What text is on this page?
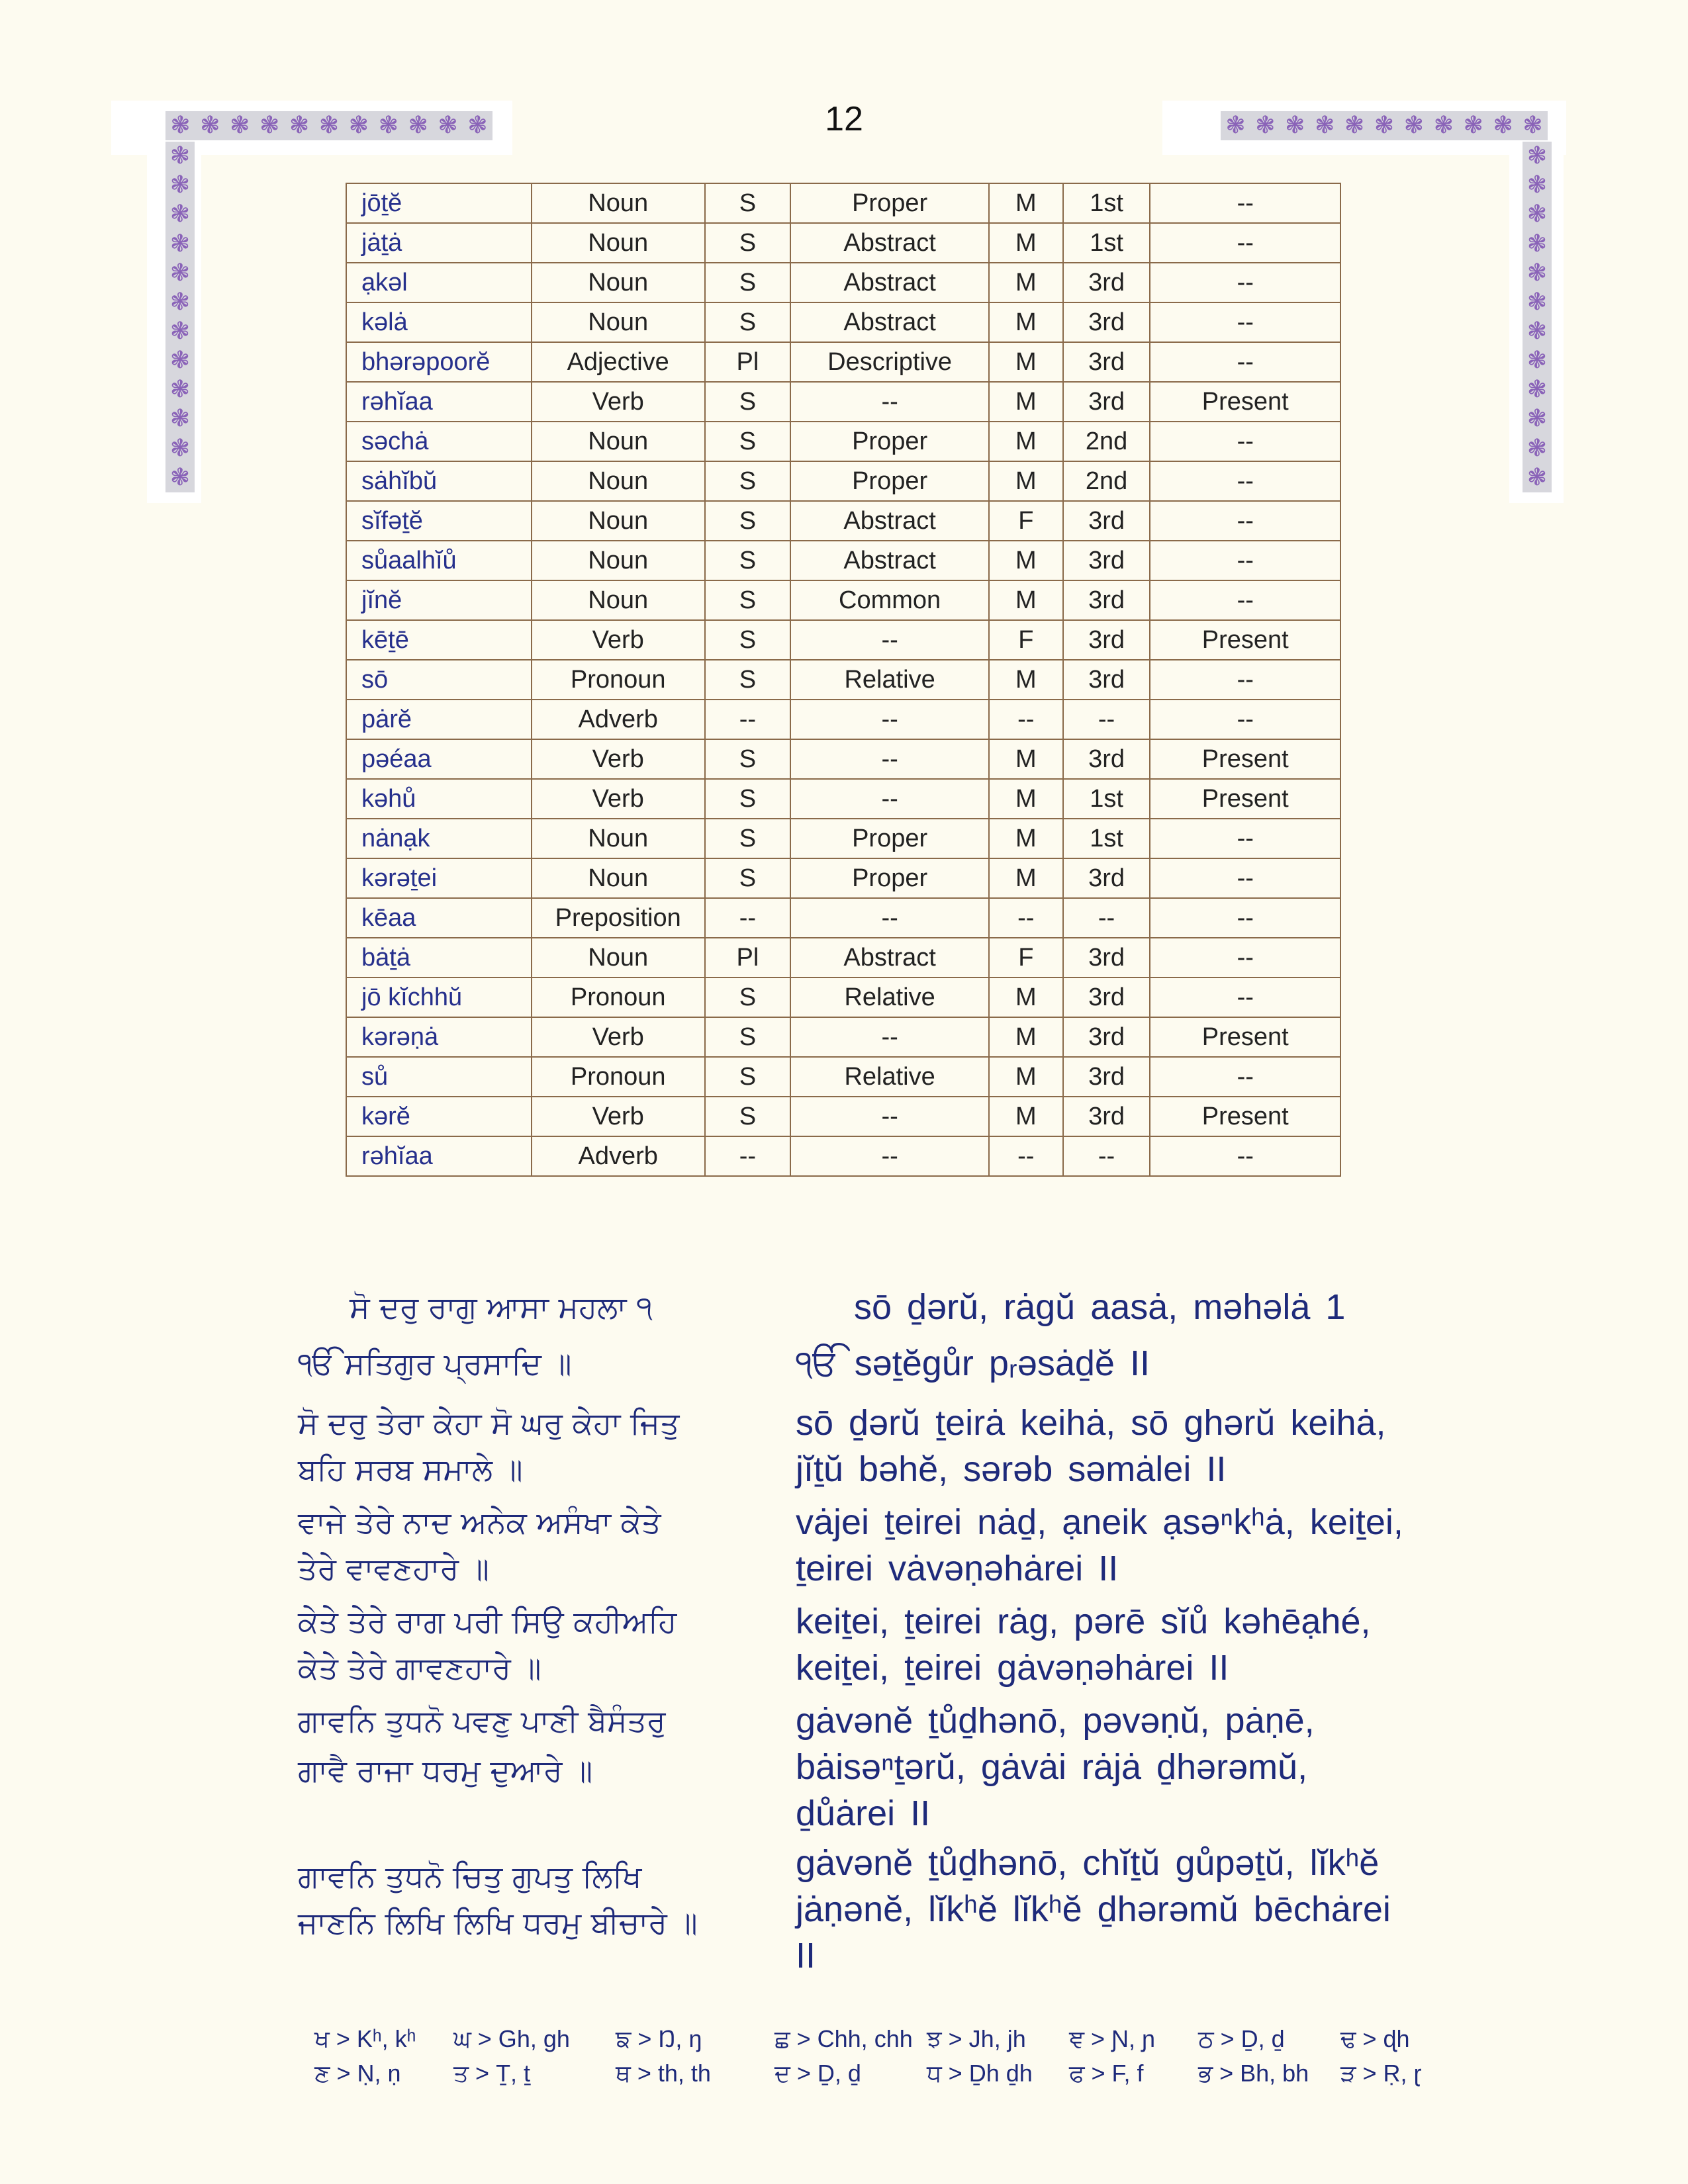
❃ ❃ ❃ ❃ ❃ ❃ ❃ ❃ ❃ ❃ ❃
❃
❃
❃
❃
❃
❃
❃
❃
❃
❃
❃
❃
❃ ❃ ❃ ❃ ❃ ❃ ❃ ❃ ❃ ❃ ❃
❃
❃
❃
❃
❃
❃
❃
❃
❃
❃
❃
❃
12
jōṯĕ	Noun	S	Proper	M	1st	--
jȧṯȧ	Noun	S	Abstract	M	1st	--
ạkəl	Noun	S	Abstract	M	3rd	--
kəlȧ	Noun	S	Abstract	M	3rd	--
bhərəpoorĕ	Adjective	Pl	Descriptive	M	3rd	--
rəhĭaa	Verb	S	--	M	3rd	Present
səchȧ	Noun	S	Proper	M	2nd	--
sȧhĭbŭ	Noun	S	Proper	M	2nd	--
sĭfəṯĕ	Noun	S	Abstract	F	3rd	--
sůaalhĭů	Noun	S	Abstract	M	3rd	--
jĭnĕ	Noun	S	Common	M	3rd	--
kēṯē	Verb	S	--	F	3rd	Present
sō	Pronoun	S	Relative	M	3rd	--
pȧrĕ	Adverb	--	--	--	--	--
pəéaa	Verb	S	--	M	3rd	Present
kəhů	Verb	S	--	M	1st	Present
nȧnạk	Noun	S	Proper	M	1st	--
kərəṯei	Noun	S	Proper	M	3rd	--
kēaa	Preposition	--	--	--	--	--
bȧṯȧ	Noun	Pl	Abstract	F	3rd	--
jō kĭchhŭ	Pronoun	S	Relative	M	3rd	--
kərəṇȧ	Verb	S	--	M	3rd	Present
sů	Pronoun	S	Relative	M	3rd	--
kərĕ	Verb	S	--	M	3rd	Present
rəhĭaa	Adverb	--	--	--	--	--
ਸੋ ਦਰੁ ਰਾਗੁ ਆਸਾ ਮਹਲਾ ੧
ੴ ਸਤਿਗੁਰ ਪ੍ਰਸਾਦਿ ॥
ਸੋ ਦਰੁ ਤੇਰਾ ਕੇਹਾ ਸੋ ਘਰੁ ਕੇਹਾ ਜਿਤੁ
ਬਹਿ ਸਰਬ ਸਮਾਲੇ ॥
ਵਾਜੇ ਤੇਰੇ ਨਾਦ ਅਨੇਕ ਅਸੰਖਾ ਕੇਤੇ
ਤੇਰੇ ਵਾਵਣਹਾਰੇ ॥
ਕੇਤੇ ਤੇਰੇ ਰਾਗ ਪਰੀ ਸਿਉ ਕਹੀਅਹਿ
ਕੇਤੇ ਤੇਰੇ ਗਾਵਣਹਾਰੇ ॥
ਗਾਵਨਿ ਤੁਧਨੋ ਪਵਣੁ ਪਾਣੀ ਬੈਸੰਤਰੁ
ਗਾਵੈ ਰਾਜਾ ਧਰਮੁ ਦੁਆਰੇ ॥
ਗਾਵਨਿ ਤੁਧਨੋ ਚਿਤੁ ਗੁਪਤੁ ਲਿਖਿ
ਜਾਣਨਿ ਲਿਖਿ ਲਿਖਿ ਧਰਮੁ ਬੀਚਾਰੇ ॥
sō ḏərŭ, rȧgŭ aasȧ, məhəlȧ 1
ੴ səṯĕgůr pᵣəsȧḏĕ II
sō ḏərŭ ṯeirȧ keihȧ, sō ghərŭ keihȧ,
jĭṯŭ bəhĕ, sərəb səmȧlei II
vȧjei ṯeirei nȧḏ, ạneik ạsəⁿkʰȧ, keiṯei,
ṯeirei vȧvəṇəhȧrei II
keiṯei, ṯeirei rȧg, pərē sĭů kəhēạhé,
keiṯei, ṯeirei gȧvəṇəhȧrei II
gȧvənĕ ṯůḏhənō, pəvəṇŭ, pȧṇē,
bȧisəⁿṯərŭ, gȧvȧi rȧjȧ ḏhərəmŭ,
ḏůȧrei II
gȧvənĕ ṯůḏhənō, chĭṯŭ gůpəṯŭ, lĭkʰĕ
jȧṇənĕ, lĭkʰĕ lĭkʰĕ ḏhərəmŭ bēchȧrei
II
ਖ > Kʰ, kʰ ਘ > Gh, gh ਙ > Ŋ, ŋ	ਛ > Chh, chh ਝ > Jh, jh ਞ > Ɲ, ɲ ਠ > Ḏ, ḏ ਢ > ɖh
ਣ > Ṇ, ṇ ਤ > Ṯ, ṯ	ਥ > th, th	ਦ > Ḏ, ḏ	ਧ > Ḏh ḏh ਫ > F, f ਭ > Bh, bh ੜ > Ṛ, ɽ
